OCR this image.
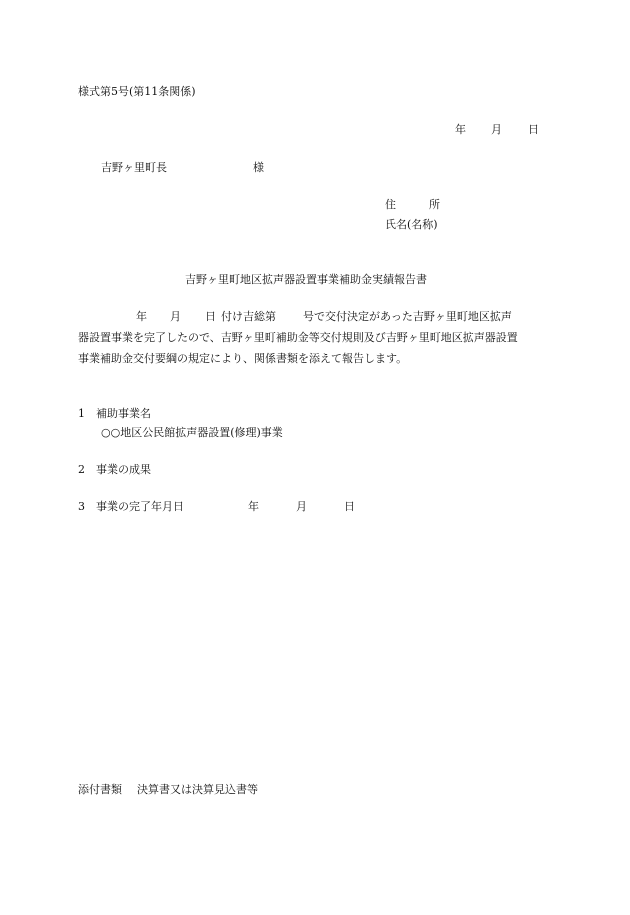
様式第5号(第11条関係)
年 月 日
吉野ヶ里町長	様
住　　　所
氏名(名称)
吉野ヶ里町地区拡声器設置事業補助金実績報告書
年 月 日 付け吉総第 号で交付決定があった吉野ヶ里町地区拡声
器設置事業を完了したので、吉野ヶ里町補助金等交付規則及び吉野ヶ里町地区拡声器設置
事業補助金交付要綱の規定により、関係書類を添えて報告します。
1 補助事業名
○○地区公民館拡声器設置(修理)事業
2 事業の成果
3 事業の完了年月日	年	月	日
添付書類 決算書又は決算見込書等
